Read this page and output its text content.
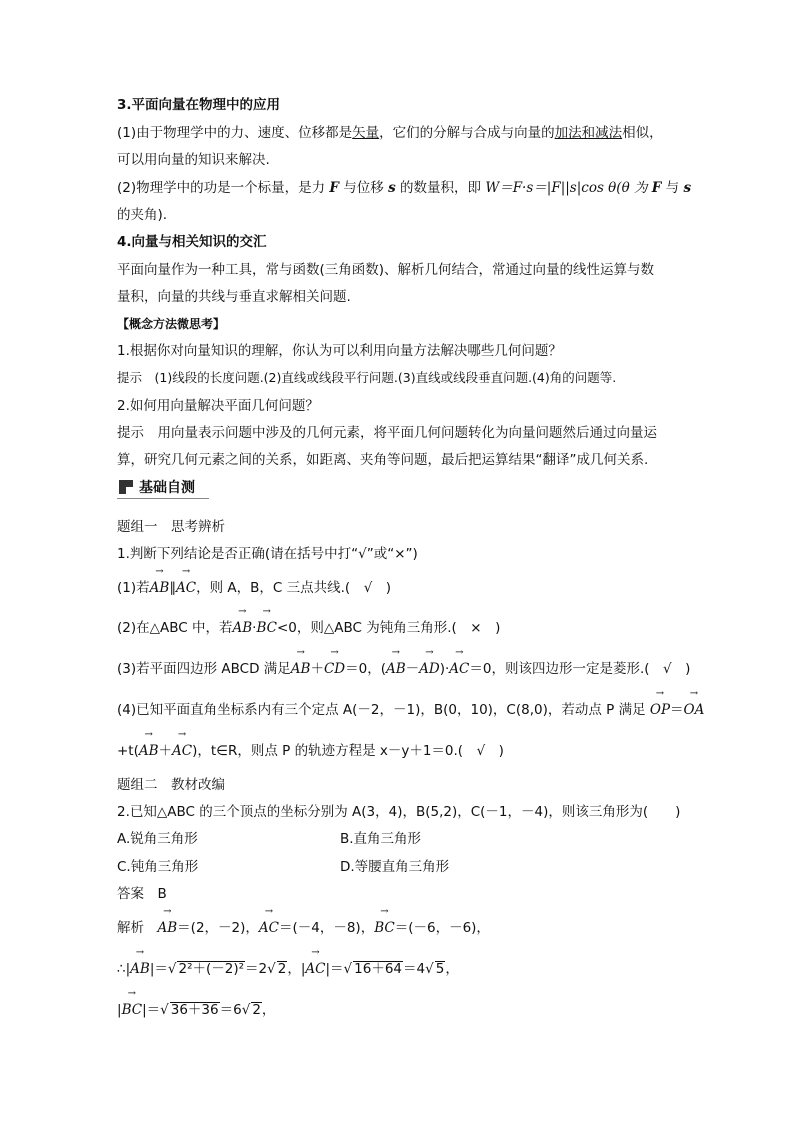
3.平面向量在物理中的应用
(1)由于物理学中的力、速度、位移都是矢量，它们的分解与合成与向量的加法和减法相似，
可以用向量的知识来解决.
(2)物理学中的功是一个标量，是力 F 与位移 s 的数量积，即 W＝F·s＝|F||s|cos θ(θ 为 F 与 s
的夹角).
4.向量与相关知识的交汇
平面向量作为一种工具，常与函数(三角函数)、解析几何结合，常通过向量的线性运算与数
量积，向量的共线与垂直求解相关问题.
【概念方法微思考】
1.根据你对向量知识的理解，你认为可以利用向量方法解决哪些几何问题？
提示　(1)线段的长度问题.(2)直线或线段平行问题.(3)直线或线段垂直问题.(4)角的问题等.
2.如何用向量解决平面几何问题？
提示　用向量表示问题中涉及的几何元素，将平面几何问题转化为向量问题然后通过向量运
算，研究几何元素之间的关系，如距离、夹角等问题，最后把运算结果“翻译”成几何关系.
基础自测
题组一　思考辨析
1.判断下列结论是否正确(请在括号中打“√”或“×”)
(1)若→ AB∥→ AC，则 A，B，C 三点共线.(　√　)
(2)在△ABC 中，若→ AB·→ BC<0，则△ABC 为钝角三角形.(　×　)
(3)若平面四边形 ABCD 满足→ AB＋→ CD＝0，(→ AB－→ AD)·→ AC＝0，则该四边形一定是菱形.(　√　)
(4)已知平面直角坐标系内有三个定点 A(－2，－1)，B(0，10)，C(8,0)，若动点 P 满足 → OP＝→ OA
+t(→ AB＋→ AC)，t∈R，则点 P 的轨迹方程是 x－y＋1＝0.(　√　)
题组二　教材改编
2.已知△ABC 的三个顶点的坐标分别为 A(3，4)，B(5,2)，C(－1，－4)，则该三角形为(　　)
A.锐角三角形	B.直角三角形
C.钝角三角形	D.等腰直角三角形
答案　B
解析　→ AB＝(2，－2)，→ AC＝(－4，－8)，→ BC＝(－6，－6)，
∴|→ AB|＝√ 2²＋(－2)²＝2√ 2，|→ AC|＝√ 16＋64＝4√ 5，
|→ BC|＝√ 36＋36＝6√ 2，
